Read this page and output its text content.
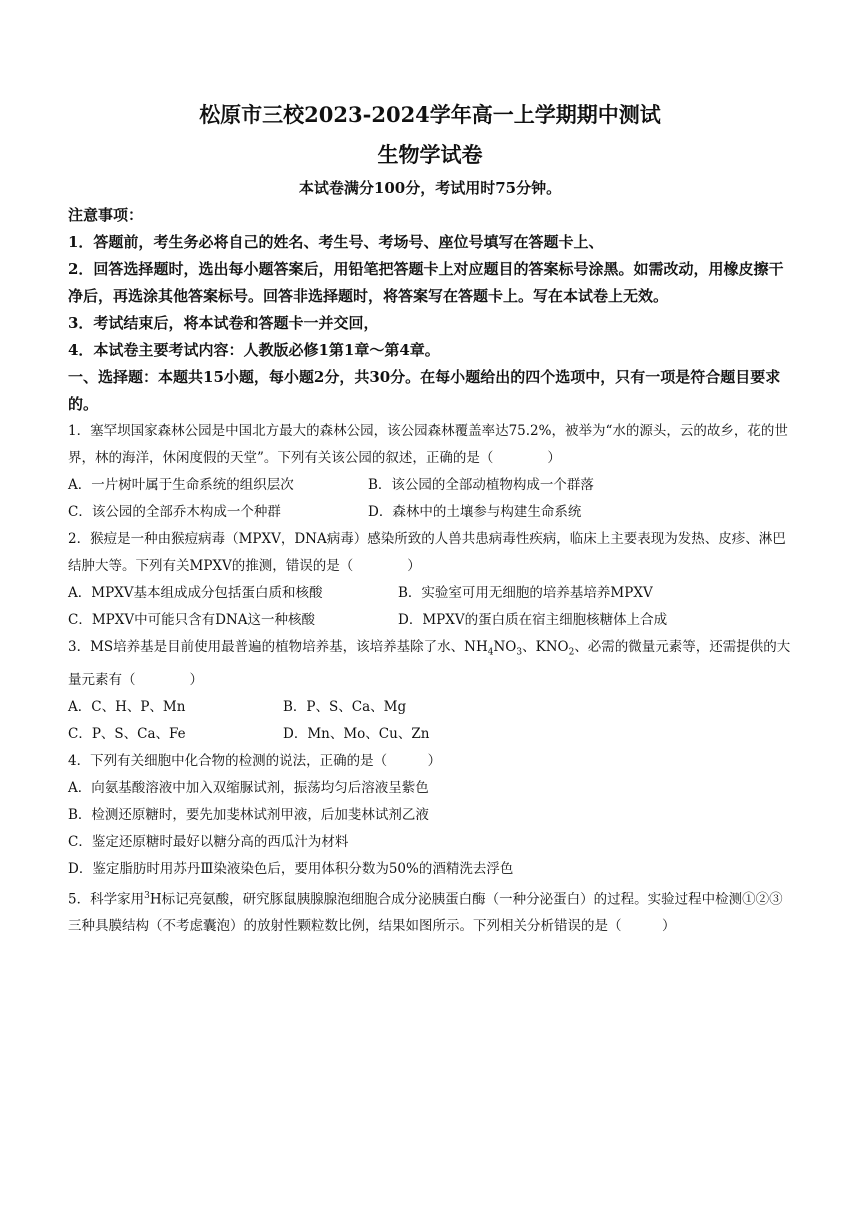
松原市三校2023-2024学年高一上学期期中测试
生物学试卷
本试卷满分100分，考试用时75分钟。
注意事项：
1．答题前，考生务必将自己的姓名、考生号、考场号、座位号填写在答题卡上、
2．回答选择题时，选出每小题答案后，用铅笔把答题卡上对应题目的答案标号涂黑。如需改动，用橡皮擦干净后，再选涂其他答案标号。回答非选择题时，将答案写在答题卡上。写在本试卷上无效。
3．考试结束后，将本试卷和答题卡一并交回，
4．本试卷主要考试内容：人教版必修1第1章～第4章。
一、选择题：本题共15小题，每小题2分，共30分。在每小题给出的四个选项中，只有一项是符合题目要求的。
1．塞罕坝国家森林公园是中国北方最大的森林公园，该公园森林覆盖率达75.2%，被举为“水的源头，云的故乡，花的世界，林的海洋，休闲度假的天堂”。下列有关该公园的叙述，正确的是（　　　　）
A．一片树叶属于生命系统的组织层次	B．该公园的全部动植物构成一个群落
C．该公园的全部乔木构成一个种群	D．森林中的土壤参与构建生命系统
2．猴痘是一种由猴痘病毒（MPXV，DNA病毒）感染所致的人兽共患病毒性疾病，临床上主要表现为发热、皮疹、淋巴结肿大等。下列有关MPXV的推测，错误的是（　　　　）
A．MPXV基本组成成分包括蛋白质和核酸	B．实验室可用无细胞的培养基培养MPXV
C．MPXV中可能只含有DNA这一种核酸	D．MPXV的蛋白质在宿主细胞核糖体上合成
3．MS培养基是目前使用最普遍的植物培养基，该培养基除了水、$NH_4NO_3$、$KNO_2$、必需的微量元素等，还需提供的大量元素有（　　　　）
A．C、H、P、Mn	B．P、S、Ca、Mg
C．P、S、Ca、Fe	D．Mn、Mo、Cu、Zn
4．下列有关细胞中化合物的检测的说法，正确的是（　　　）
A．向氨基酸溶液中加入双缩脲试剂，振荡均匀后溶液呈紫色
B．检测还原糖时，要先加斐林试剂甲液，后加斐林试剂乙液
C．鉴定还原糖时最好以糖分高的西瓜汁为材料
D．鉴定脂肪时用苏丹Ⅲ染液染色后，要用体积分数为50%的酒精洗去浮色
5．科学家用$^3$H标记亮氨酸，研究豚鼠胰腺腺泡细胞合成分泌胰蛋白酶（一种分泌蛋白）的过程。实验过程中检测①②③三种具膜结构（不考虑囊泡）的放射性颗粒数比例，结果如图所示。下列相关分析错误的是（　　　）
